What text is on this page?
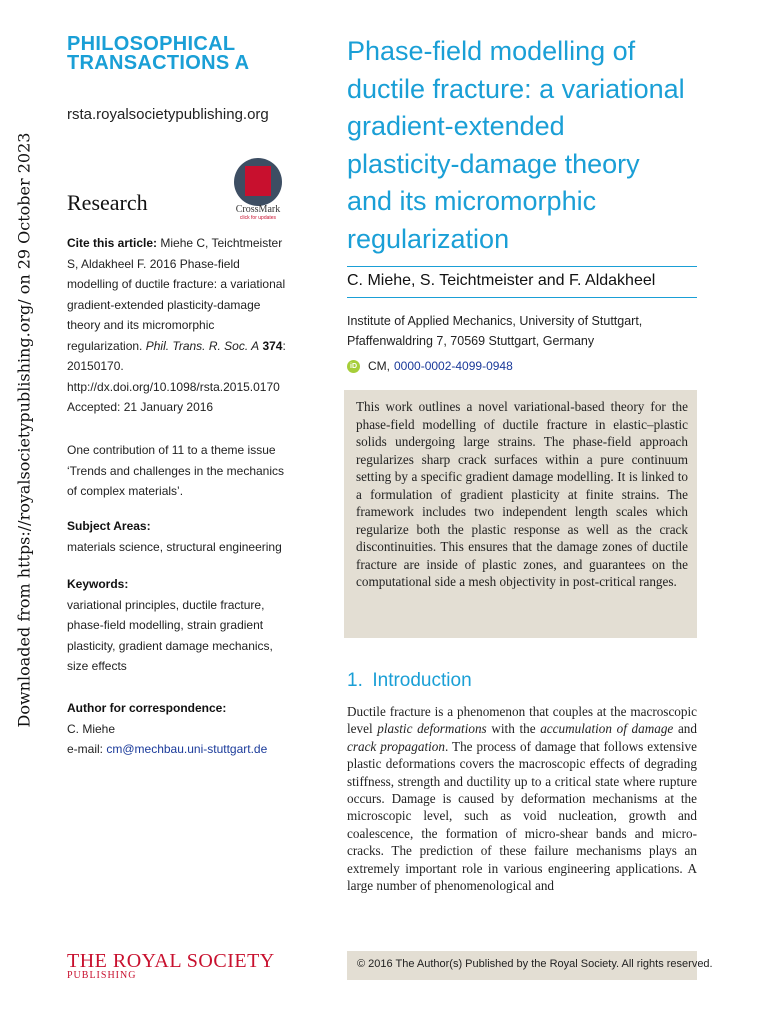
Downloaded from https://royalsocietypublishing.org/ on 29 October 2023
PHILOSOPHICAL
TRANSACTIONS A
rsta.royalsocietypublishing.org
Research	CrossMark
click for updates
Cite this article: Miehe C, Teichtmeister S, Aldakheel F. 2016 Phase-field modelling of ductile fracture: a variational gradient-extended plasticity-damage theory and its micromorphic regularization. Phil. Trans. R. Soc. A 374: 20150170. http://dx.doi.org/10.1098/rsta.2015.0170
Accepted: 21 January 2016
One contribution of 11 to a theme issue ‘Trends and challenges in the mechanics of complex materials’.
Subject Areas:
materials science, structural engineering
Keywords:
variational principles, ductile fracture, phase-field modelling, strain gradient plasticity, gradient damage mechanics, size effects
Author for correspondence:
C. Miehe
e-mail: cm@mechbau.uni-stuttgart.de
Phase-field modelling of
ductile fracture: a variational
gradient-extended
plasticity-damage theory
and its micromorphic
regularization
C. Miehe, S. Teichtmeister and F. Aldakheel
Institute of Applied Mechanics, University of Stuttgart,
Pfaffenwaldring 7, 70569 Stuttgart, Germany
iD CM, 0000-0002-4099-0948
This work outlines a novel variational-based theory for the phase-field modelling of ductile fracture in elastic–plastic solids undergoing large strains. The phase-field approach regularizes sharp crack surfaces within a pure continuum setting by a specific gradient damage modelling. It is linked to a formulation of gradient plasticity at finite strains. The framework includes two independent length scales which regularize both the plastic response as well as the crack discontinuities. This ensures that the damage zones of ductile fracture are inside of plastic zones, and guarantees on the computational side a mesh objectivity in post-critical ranges.
1. Introduction
Ductile fracture is a phenomenon that couples at the macroscopic level plastic deformations with the accumulation of damage and crack propagation. The process of damage that follows extensive plastic deformations covers the macroscopic effects of degrading stiffness, strength and ductility up to a critical state where rupture occurs. Damage is caused by deformation mechanisms at the microscopic level, such as void nucleation, growth and coalescence, the formation of micro-shear bands and micro-cracks. The prediction of these failure mechanisms plays an extremely important role in various engineering applications. A large number of phenomenological and
THE ROYAL SOCIETY
PUBLISHING
© 2016 The Author(s) Published by the Royal Society. All rights reserved.
